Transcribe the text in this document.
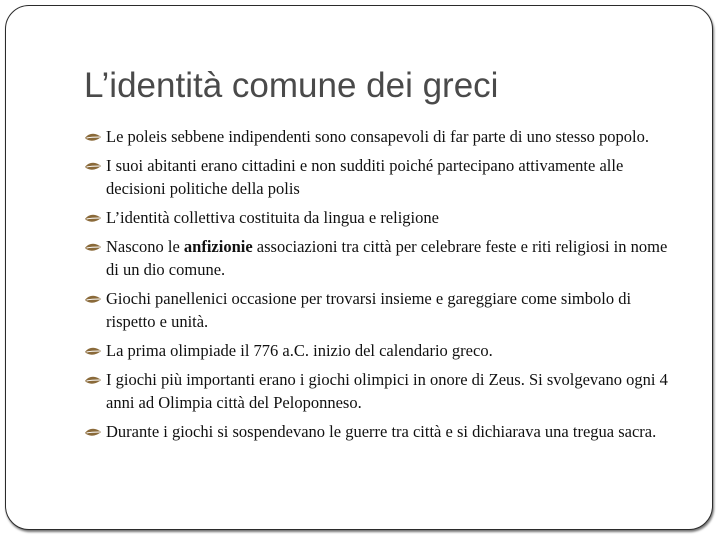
L’identità comune dei greci
Le poleis sebbene indipendenti sono consapevoli di far parte di uno stesso popolo.
I suoi abitanti erano cittadini e non sudditi poiché partecipano attivamente alle decisioni politiche della polis
L’identità collettiva costituita da lingua e religione
Nascono le anfizionie associazioni tra città per celebrare feste e riti religiosi in nome di un dio comune.
Giochi panellenici occasione per trovarsi insieme e gareggiare come simbolo di rispetto e unità.
La prima olimpiade il 776 a.C. inizio del calendario greco.
I giochi più importanti erano i giochi olimpici in onore di Zeus. Si svolgevano ogni 4 anni ad Olimpia città del Peloponneso.
Durante i giochi si sospendevano le guerre tra città e si dichiarava una tregua sacra.
